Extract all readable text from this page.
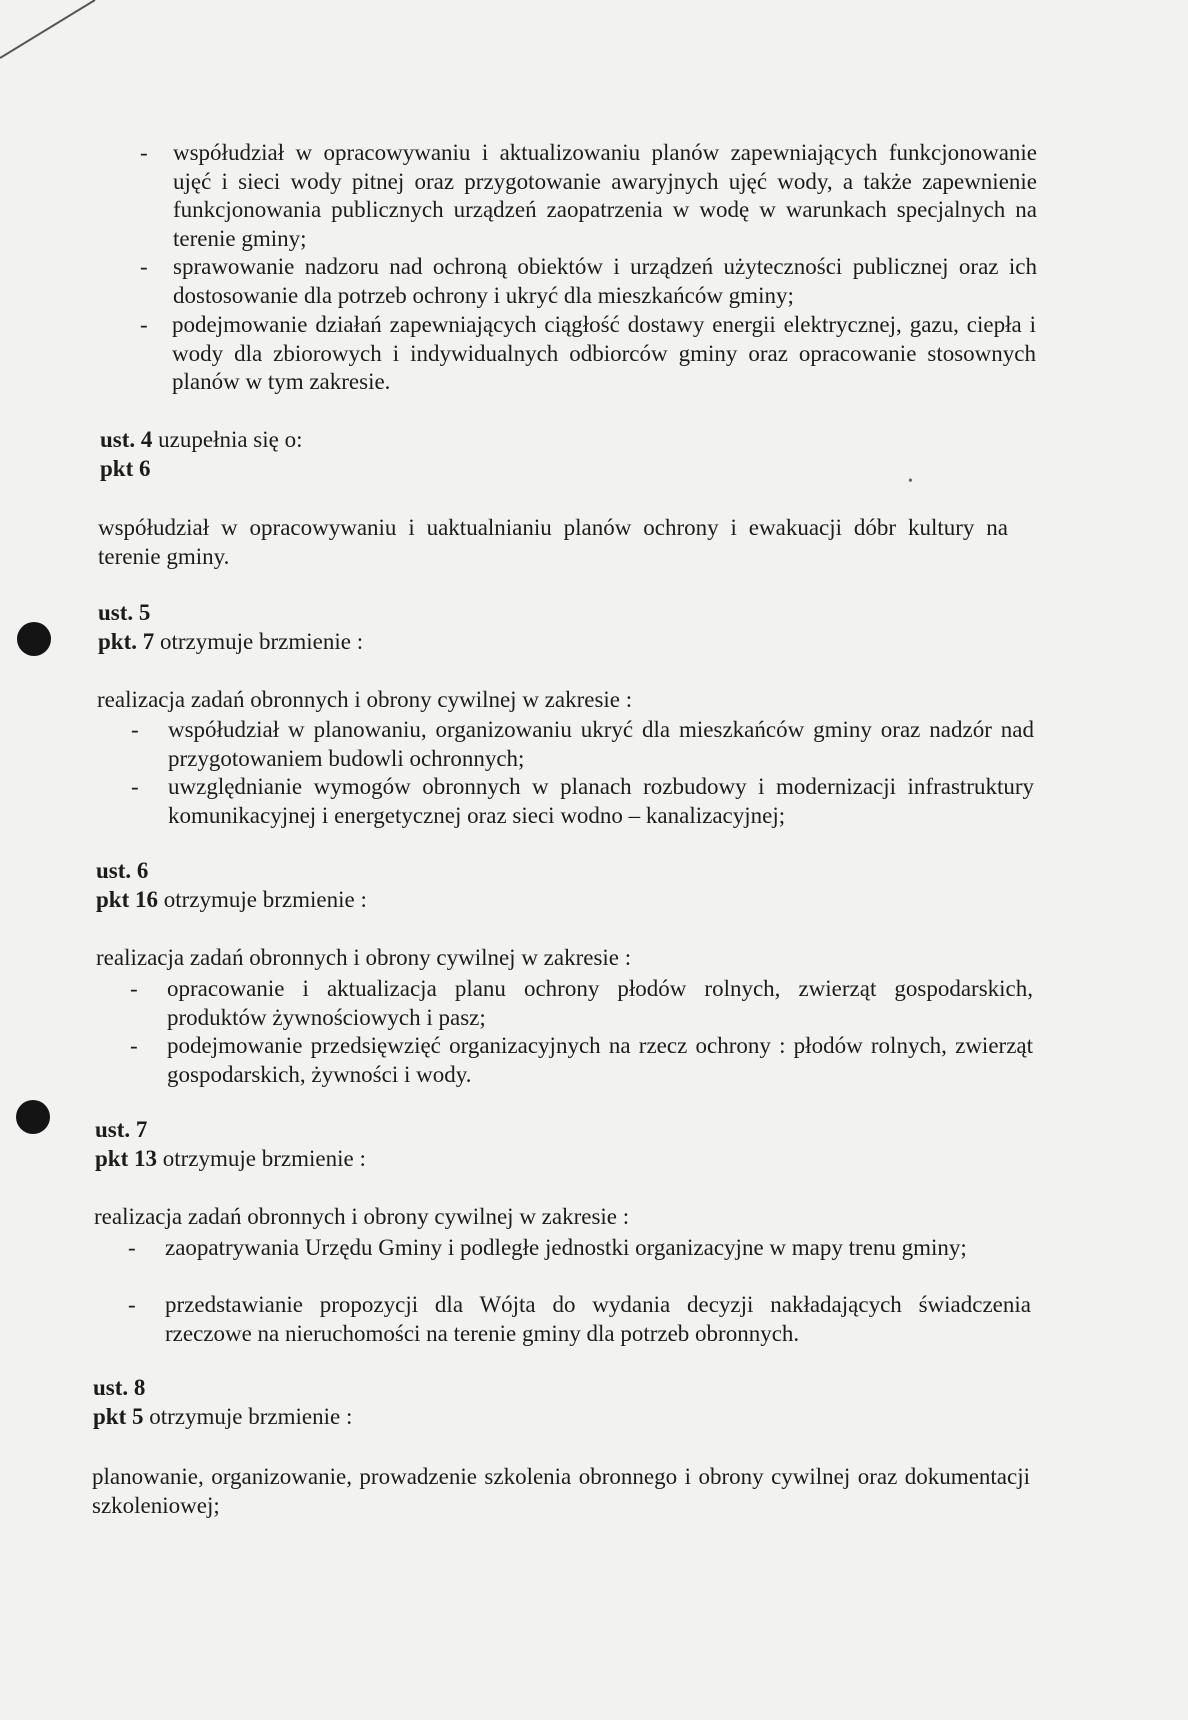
- współudział w opracowywaniu i aktualizowaniu planów zapewniających funkcjonowanie ujęć i sieci wody pitnej oraz przygotowanie awaryjnych ujęć wody, a także zapewnienie funkcjonowania publicznych urządzeń zaopatrzenia w wodę w warunkach specjalnych na terenie gminy;
- sprawowanie nadzoru nad ochroną obiektów i urządzeń użyteczności publicznej oraz ich dostosowanie dla potrzeb ochrony i ukryć dla mieszkańców gminy;
- podejmowanie działań zapewniających ciągłość dostawy energii elektrycznej, gazu, ciepła i wody dla zbiorowych i indywidualnych odbiorców gminy oraz opracowanie stosownych planów w tym zakresie.
ust. 4 uzupełnia się o:
pkt 6
współudział w opracowywaniu i uaktualnianiu planów ochrony i ewakuacji dóbr kultury na terenie gminy.
ust. 5
pkt. 7 otrzymuje brzmienie :
realizacja zadań obronnych i obrony cywilnej w zakresie :
- współudział w planowaniu, organizowaniu ukryć dla mieszkańców gminy oraz nadzór nad przygotowaniem budowli ochronnych;
- uwzględnianie wymogów obronnych w planach rozbudowy i modernizacji infrastruktury komunikacyjnej i energetycznej oraz sieci wodno – kanalizacyjnej;
ust. 6
pkt 16 otrzymuje brzmienie :
realizacja zadań obronnych i obrony cywilnej w zakresie :
- opracowanie i aktualizacja planu ochrony płodów rolnych, zwierząt gospodarskich, produktów żywnościowych i pasz;
- podejmowanie przedsięwzięć organizacyjnych na rzecz ochrony : płodów rolnych, zwierząt gospodarskich, żywności i wody.
ust. 7
pkt 13 otrzymuje brzmienie :
realizacja zadań obronnych i obrony cywilnej w zakresie :
- zaopatrywania Urzędu Gminy i podległe jednostki organizacyjne w mapy trenu gminy;
- przedstawianie propozycji dla Wójta do wydania decyzji nakładających świadczenia rzeczowe na nieruchomości na terenie gminy dla potrzeb obronnych.
ust. 8
pkt 5 otrzymuje brzmienie :
planowanie, organizowanie, prowadzenie szkolenia obronnego i obrony cywilnej oraz dokumentacji szkoleniowej;
•
